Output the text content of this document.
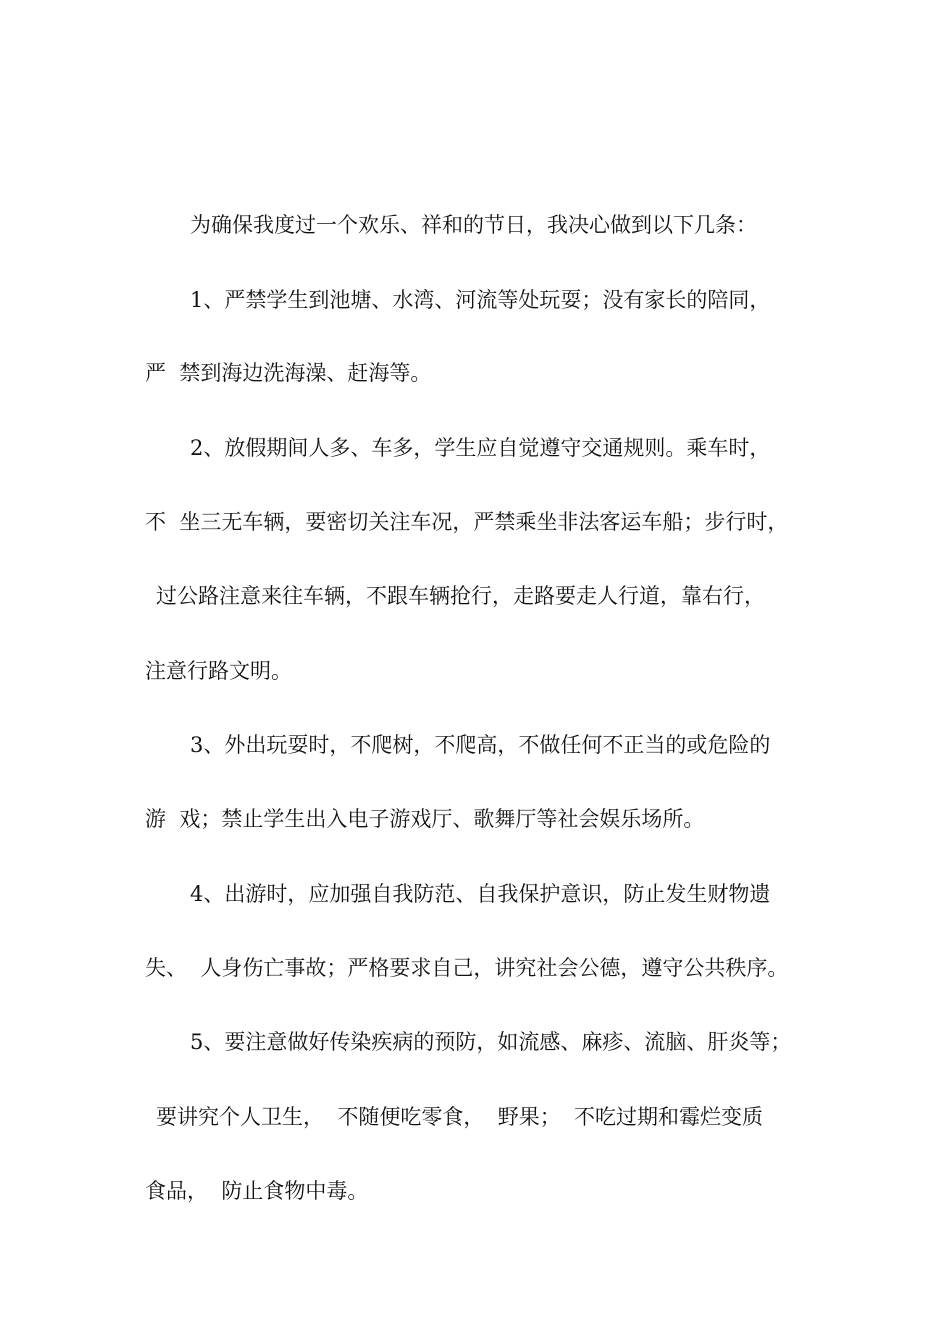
为确保我度过一个欢乐、祥和的节日，我决心做到以下几条：
1、严禁学生到池塘、水湾、河流等处玩耍；没有家长的陪同，
严  禁到海边洗海澡、赶海等。
2、放假期间人多、车多，学生应自觉遵守交通规则。乘车时，
不  坐三无车辆，要密切关注车况，严禁乘坐非法客运车船；步行时，
过公路注意来往车辆，不跟车辆抢行，走路要走人行道，靠右行，
注意行路文明。
3、外出玩耍时，不爬树，不爬高，不做任何不正当的或危险的
游  戏；禁止学生出入电子游戏厅、歌舞厅等社会娱乐场所。
4、出游时，应加强自我防范、自我保护意识，防止发生财物遗
失、  人身伤亡事故；严格要求自己，讲究社会公德，遵守公共秩序。
5、要注意做好传染疾病的预防，如流感、麻疹、流脑、肝炎等；
要讲究个人卫生，  不随便吃零食，  野果；  不吃过期和霉烂变质
食品，  防止食物中毒。
